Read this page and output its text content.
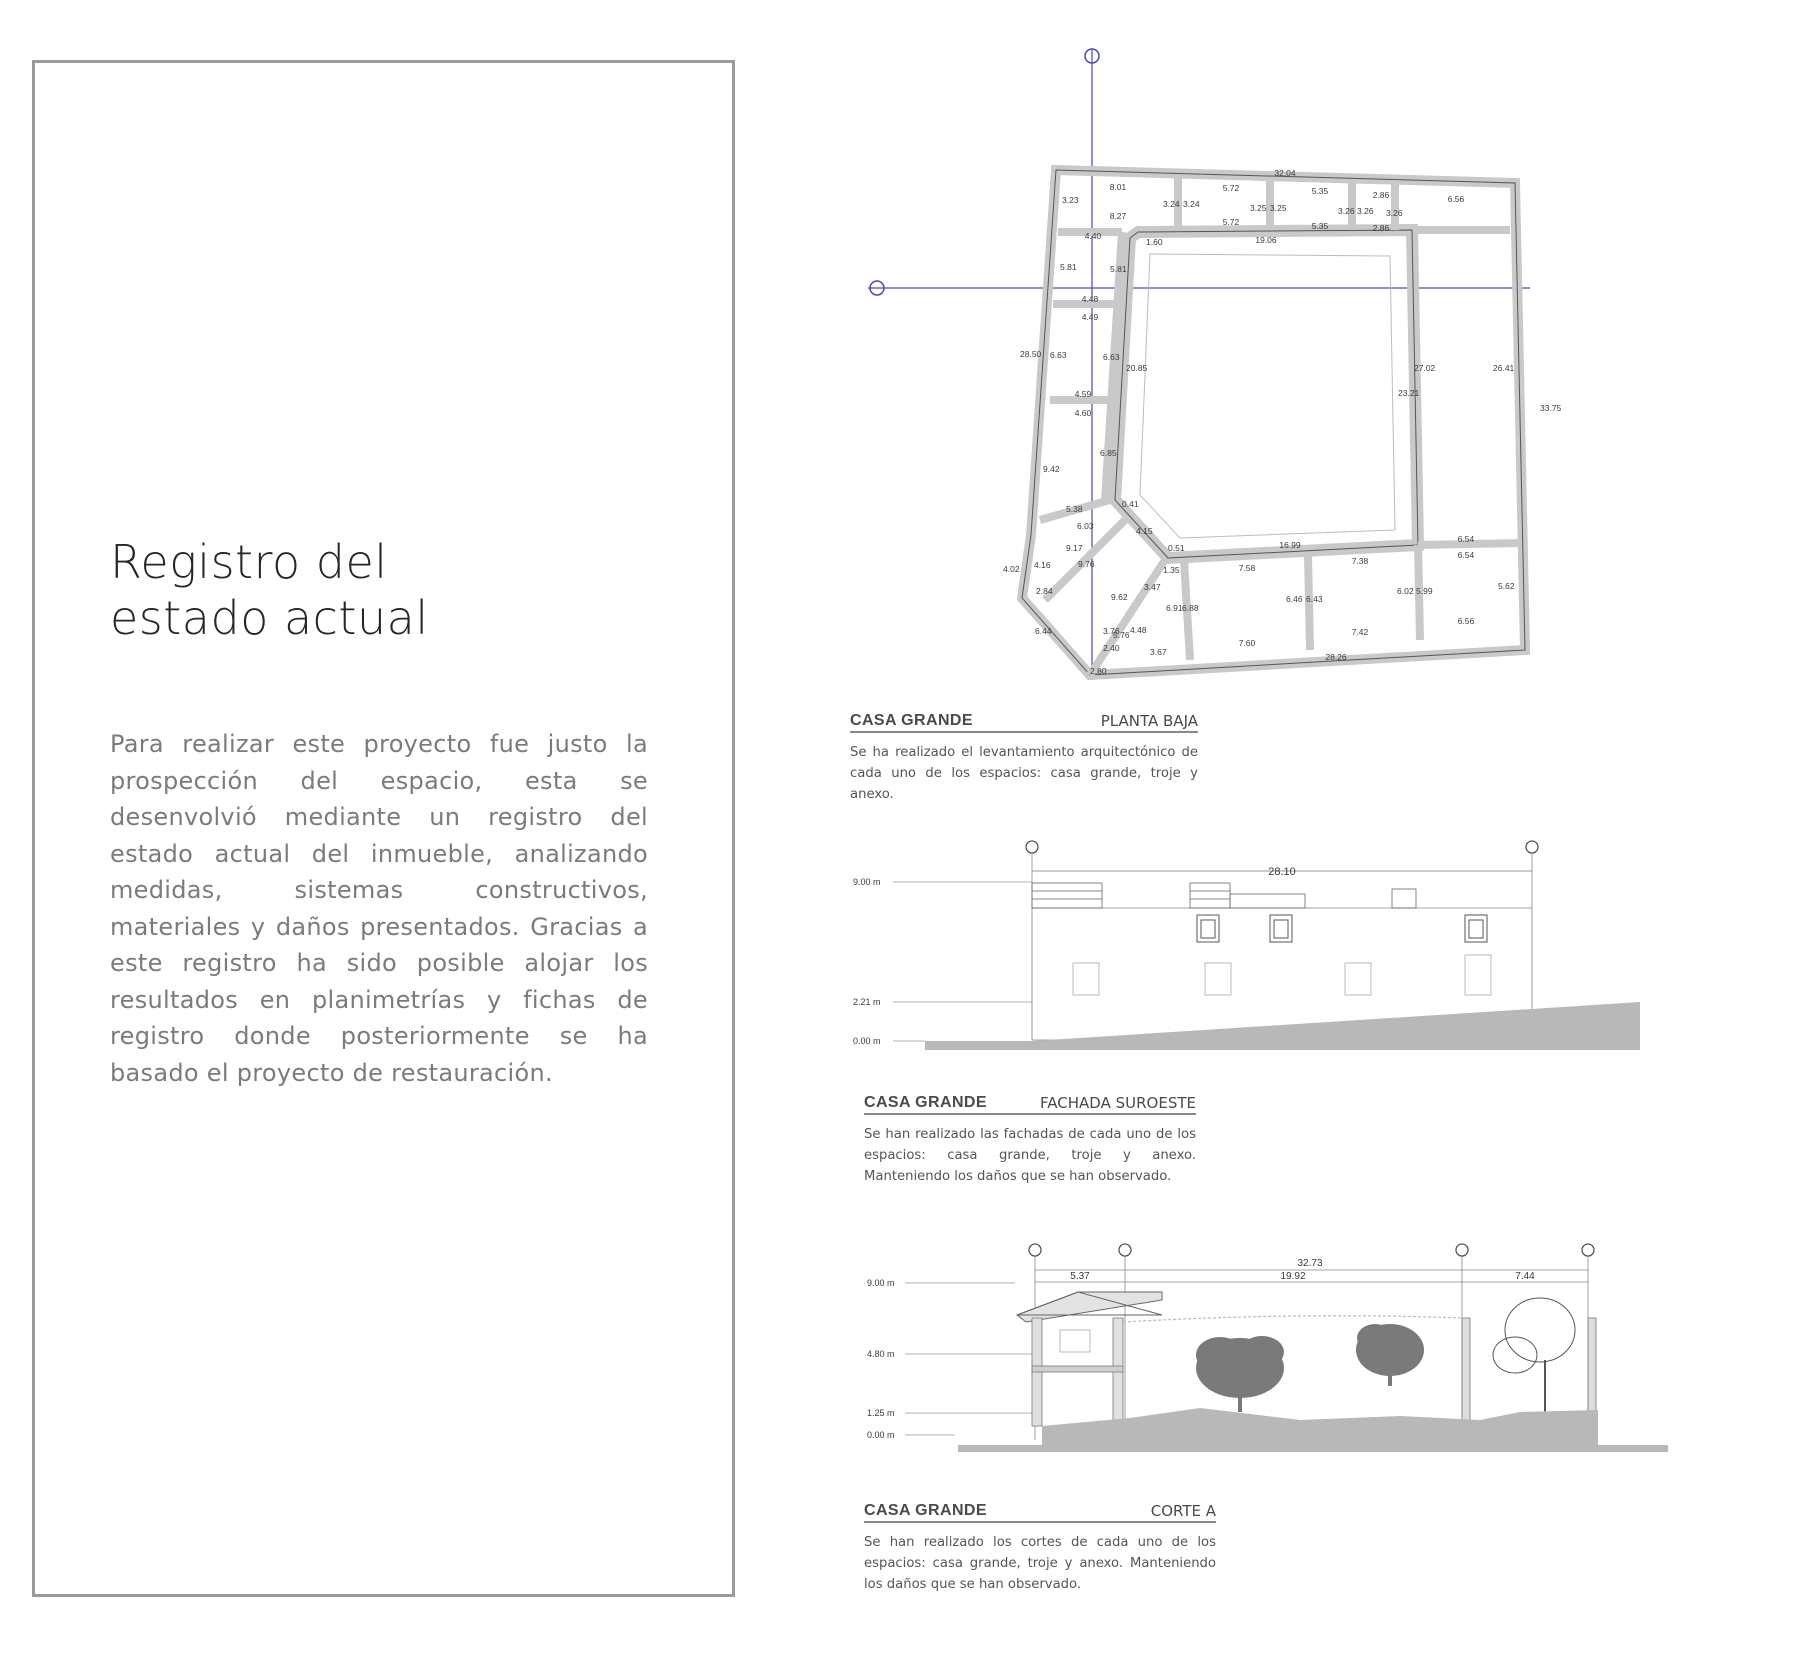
Registro del
estado actual

Para realizar este proyecto fue justo la prospección del espacio, esta se desenvolvió mediante un registro del estado actual del inmueble, analizando medidas, sistemas constructivos, materiales y daños presentados. Gracias a este registro ha sido posible alojar los resultados en planimetrías y fichas de registro donde posteriormente se ha basado el proyecto de restauración.

32.04
28.26
33.75
28.50
19.06
23.21
20.85
16.99
27.02	26.41
8.01
8.27
5.72
5.72
5.35
5.35
2.86
2.86
6.56
3.23	3.24 3.24	3.25 3.25	3.26 3.26 3.26
4.40
5.81	5.81
4.48
4.49
6.63	6.63
4.59
4.60
6.85
9.42
5.38
6.03
9.17
9.76
4.16
4.02
2.84
6.44
0.41
4.15
1.60
7.58
7.38
6.54
6.54
5.62
6.56
7.42
7.60
6.02 5.99
6.46 6.43
6.91 6.88
3.47
9.62
4.48
3.67
2.40
2.80
3.76
1.35
0.51
5.76
CASA GRANDE	PLANTA BAJA

Se ha realizado el levantamiento arquitectónico de cada uno de los espacios: casa grande, troje y anexo.

28.10
9.00 m
2.21 m
0.00 m
CASA GRANDE	FACHADA SUROESTE

Se han realizado las fachadas de cada uno de los espacios: casa grande, troje y anexo. Manteniendo los daños que se han observado.

32.73
5.37	19.92	7.44
9.00 m
4.80 m
1.25 m
0.00 m
CASA GRANDE	CORTE A

Se han realizado los cortes de cada uno de los espacios: casa grande, troje y anexo. Manteniendo los daños que se han observado.
